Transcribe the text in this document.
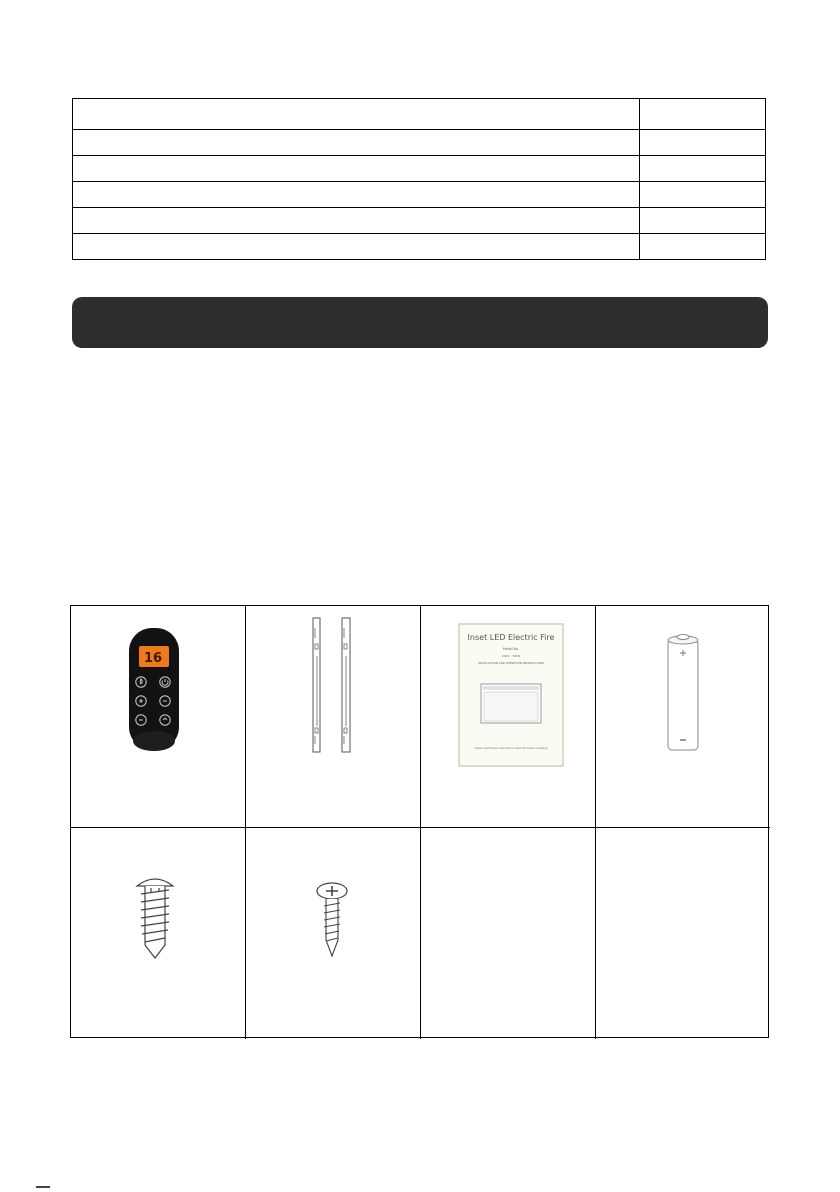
16
Inset LED Electric Fire
Model No.
240V · 50Hz
INSTALLATION AND OPERATION INSTRUCTIONS
Please read these instructions carefully before installing
